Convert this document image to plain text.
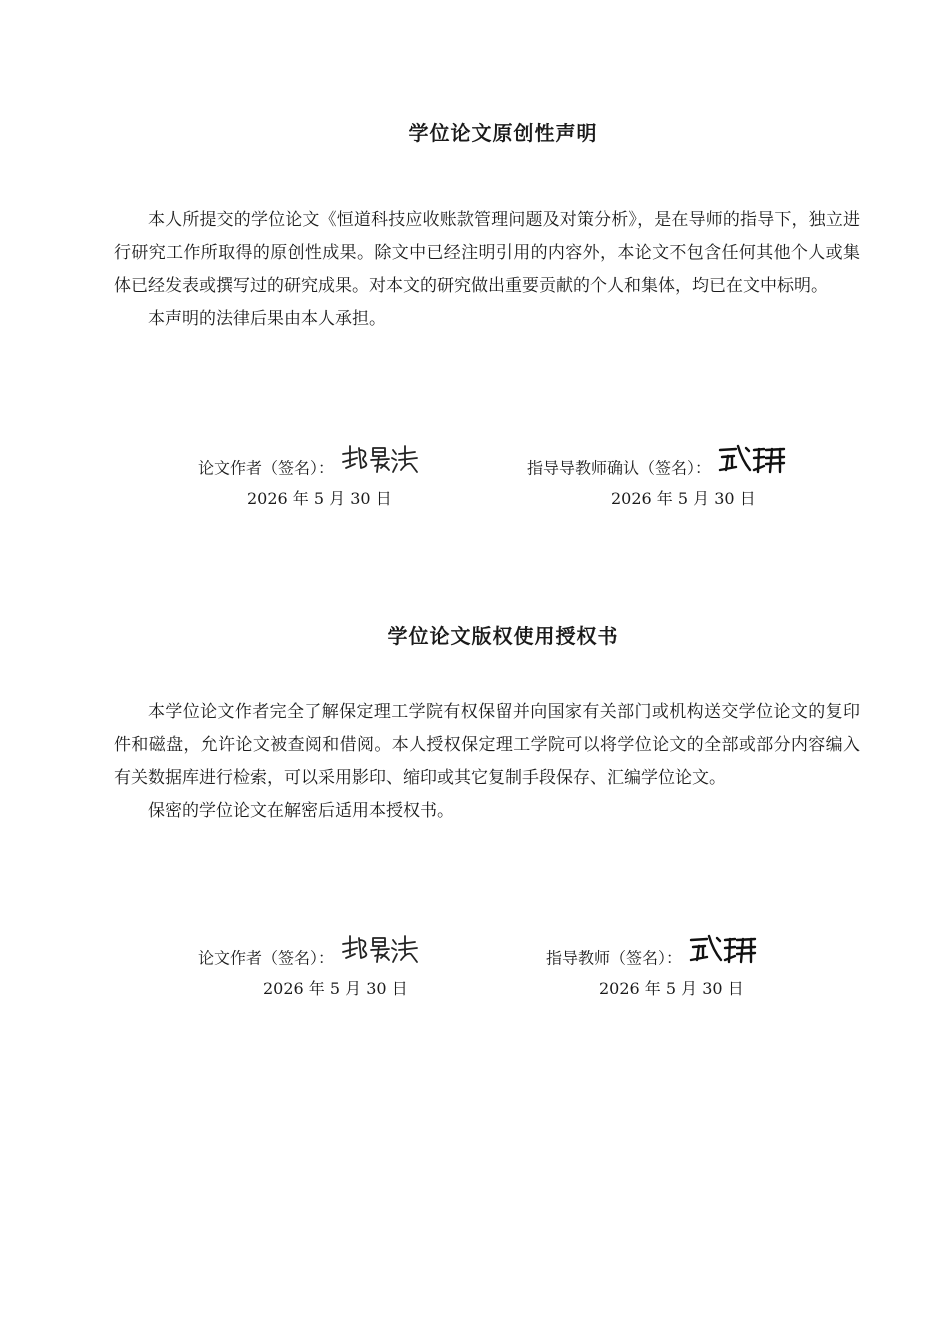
学位论文原创性声明

本人所提交的学位论文《恒道科技应收账款管理问题及对策分析》，是在导师的指导下，独立进行研究工作所取得的原创性成果。除文中已经注明引用的内容外，本论文不包含任何其他个人或集体已经发表或撰写过的研究成果。对本文的研究做出重要贡献的个人和集体，均已在文中标明。

本声明的法律后果由本人承担。

论文作者（签名）：
2026 年 5 月 30 日
指导导教师确认（签名）：
2026 年 5 月 30 日
学位论文版权使用授权书

本学位论文作者完全了解保定理工学院有权保留并向国家有关部门或机构送交学位论文的复印件和磁盘，允许论文被查阅和借阅。本人授权保定理工学院可以将学位论文的全部或部分内容编入有关数据库进行检索，可以采用影印、缩印或其它复制手段保存、汇编学位论文。

保密的学位论文在解密后适用本授权书。

论文作者（签名）：
2026 年 5 月 30 日
指导教师（签名）：
2026 年 5 月 30 日
